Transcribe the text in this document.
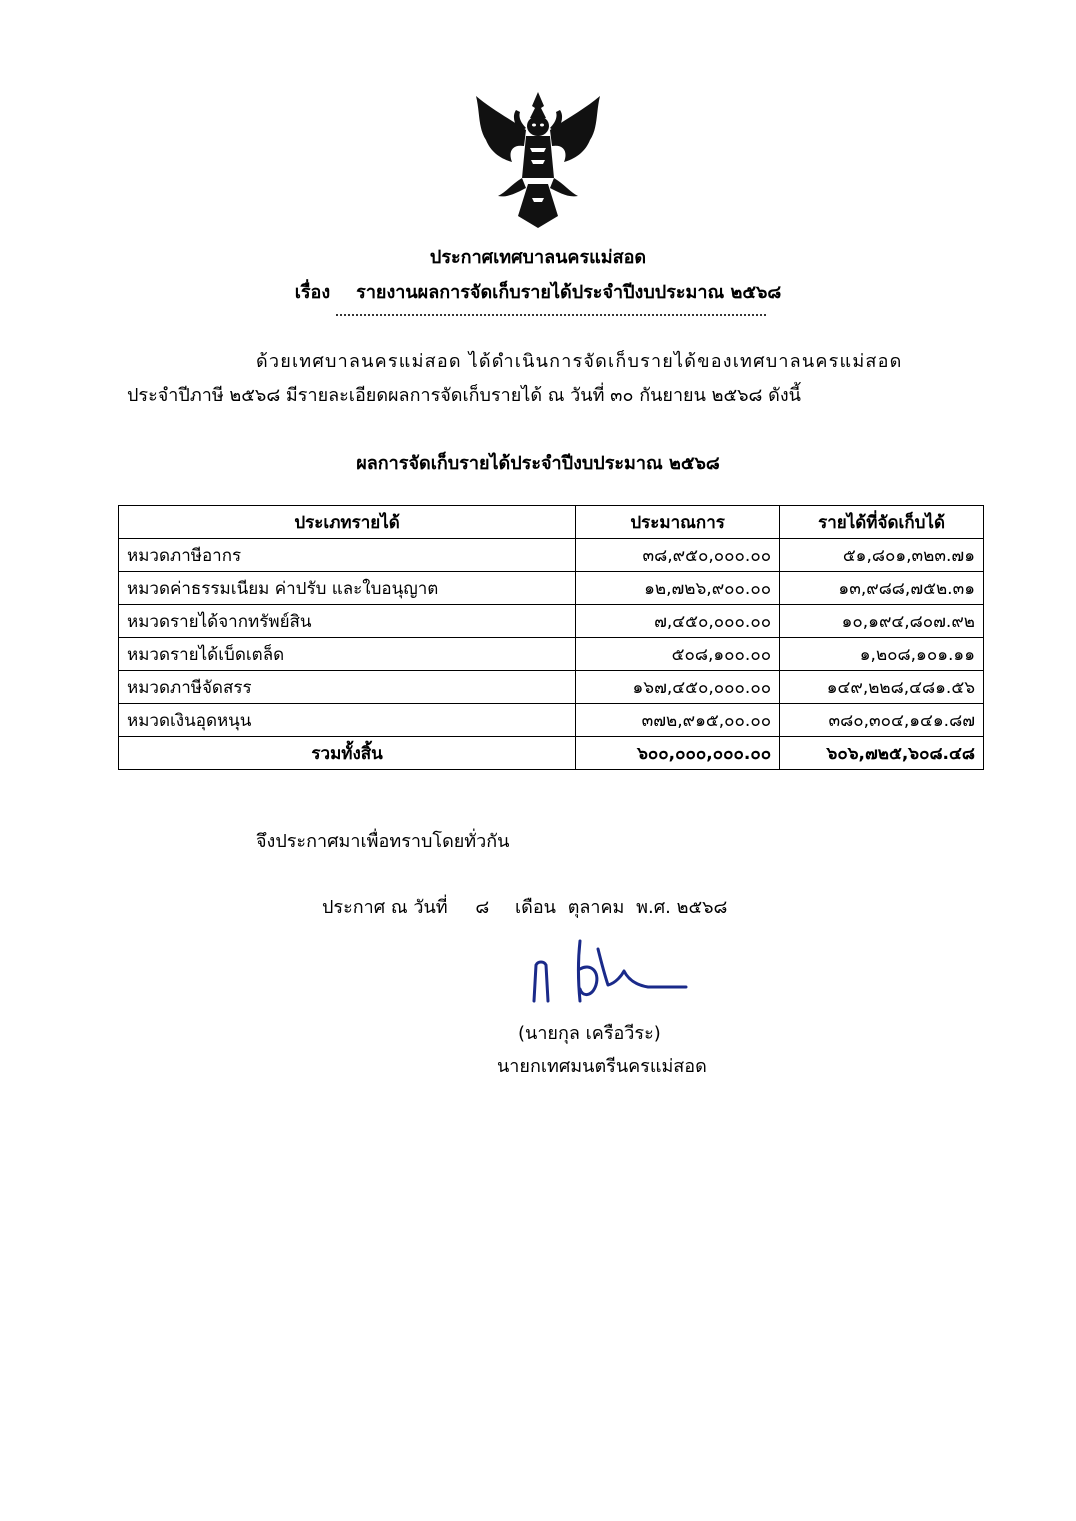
ประกาศเทศบาลนครแม่สอด
เรื่อง รายงานผลการจัดเก็บรายได้ประจำปีงบประมาณ ๒๕๖๘
ด้วยเทศบาลนครแม่สอด ได้ดำเนินการจัดเก็บรายได้ของเทศบาลนครแม่สอด
ประจำปีภาษี ๒๕๖๘ มีรายละเอียดผลการจัดเก็บรายได้ ณ วันที่ ๓๐ กันยายน ๒๕๖๘ ดังนี้
ผลการจัดเก็บรายได้ประจำปีงบประมาณ ๒๕๖๘
ประเภทรายได้	ประมาณการ	รายได้ที่จัดเก็บได้
หมวดภาษีอากร	๓๘,๙๕๐,๐๐๐.๐๐	๕๑,๘๐๑,๓๒๓.๗๑
หมวดค่าธรรมเนียม ค่าปรับ และใบอนุญาต	๑๒,๗๒๖,๙๐๐.๐๐	๑๓,๙๘๘,๗๕๒.๓๑
หมวดรายได้จากทรัพย์สิน	๗,๔๕๐,๐๐๐.๐๐	๑๐,๑๙๔,๘๐๗.๙๒
หมวดรายได้เบ็ดเตล็ด	๕๐๘,๑๐๐.๐๐	๑,๒๐๘,๑๐๑.๑๑
หมวดภาษีจัดสรร	๑๖๗,๔๕๐,๐๐๐.๐๐	๑๔๙,๒๒๘,๔๘๑.๕๖
หมวดเงินอุดหนุน	๓๗๒,๙๑๕,๐๐.๐๐	๓๘๐,๓๐๔,๑๔๑.๘๗
รวมทั้งสิ้น	๖๐๐,๐๐๐,๐๐๐.๐๐	๖๐๖,๗๒๕,๖๐๘.๔๘
จึงประกาศมาเพื่อทราบโดยทั่วกัน
ประกาศ ณ วันที่ ๘ เดือน ตุลาคม พ.ศ. ๒๕๖๘
(นายกุล เครือวีระ)
นายกเทศมนตรีนครแม่สอด
